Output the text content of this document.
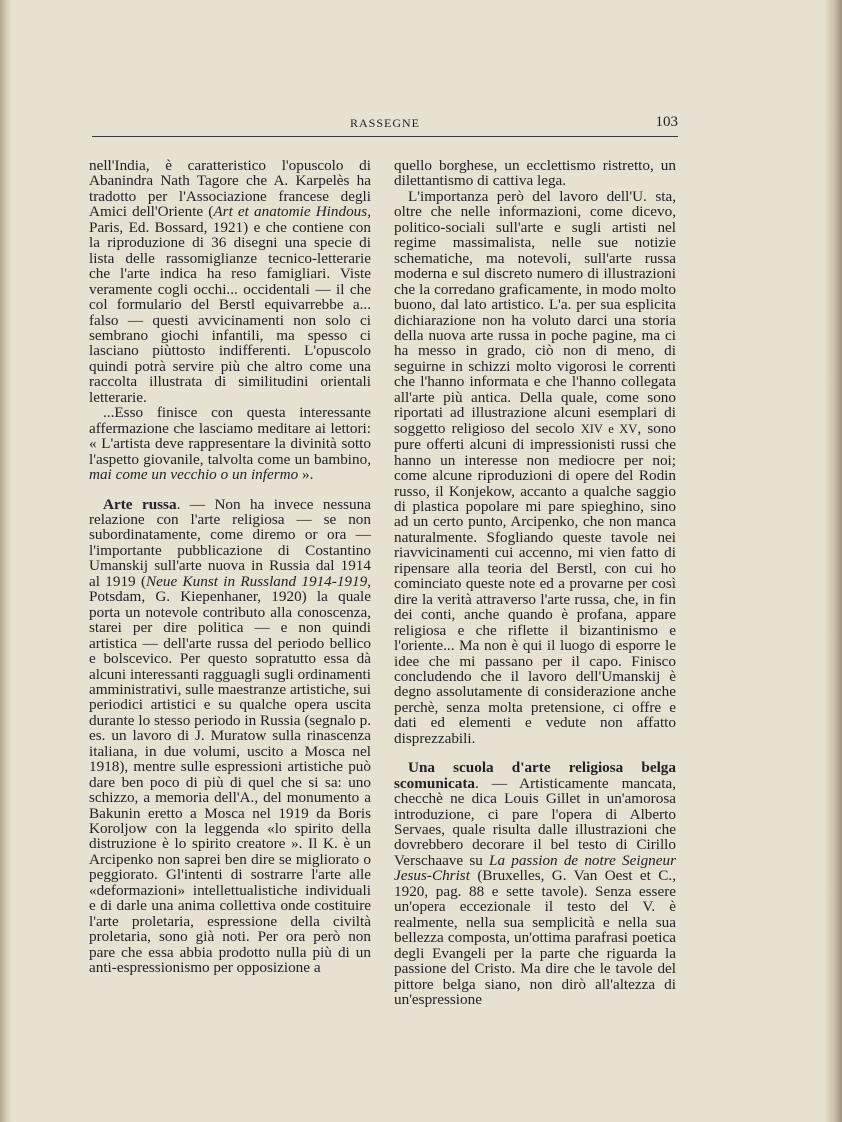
RASSEGNE	103

nell'India, è caratteristico l'opuscolo di Abanindra Nath Tagore che A. Karpelès ha tradotto per l'Associazione francese degli Amici dell'Oriente (Art et anatomie Hindous, Paris, Ed. Bossard, 1921) e che contiene con la riproduzione di 36 disegni una specie di lista delle rassomiglianze tecnico-letterarie che l'arte indica ha reso famigliari. Viste veramente cogli occhi... occidentali — il che col formulario del Berstl equivarrebbe a... falso — questi avvicinamenti non solo ci sembrano giochi infantili, ma spesso ci lasciano piùttosto indifferenti. L'opuscolo quindi potrà servire più che altro come una raccolta illustrata di similitudini orientali letterarie.

...Esso finisce con questa interessante affermazione che lasciamo meditare ai lettori: « L'artista deve rappresentare la divinità sotto l'aspetto giovanile, talvolta come un bambino, mai come un vecchio o un infermo ».

Arte russa. — Non ha invece nessuna relazione con l'arte religiosa — se non subordinatamente, come diremo or ora — l'importante pubblicazione di Costantino Umanskij sull'arte nuova in Russia dal 1914 al 1919 (Neue Kunst in Russland 1914-1919, Potsdam, G. Kiepenhaner, 1920) la quale porta un notevole contributo alla conoscenza, starei per dire politica — e non quindi artistica — dell'arte russa del periodo bellico e bolscevico. Per questo sopratutto essa dà alcuni interessanti ragguagli sugli ordinamenti amministrativi, sulle maestranze artistiche, sui periodici artistici e su qualche opera uscita durante lo stesso periodo in Russia (segnalo p. es. un lavoro di J. Muratow sulla rinascenza italiana, in due volumi, uscito a Mosca nel 1918), mentre sulle espressioni artistiche può dare ben poco di più di quel che si sa: uno schizzo, a memoria dell'A., del monumento a Bakunin eretto a Mosca nel 1919 da Boris Koroljow con la leggenda «lo spirito della distruzione è lo spirito creatore ». Il K. è un Arcipenko non saprei ben dire se migliorato o peggiorato. Gl'intenti di sostrarre l'arte alle «deformazioni» intellettualistiche individuali e di darle una anima collettiva onde costituire l'arte proletaria, espressione della civiltà proletaria, sono già noti. Per ora però non pare che essa abbia prodotto nulla più di un anti-espressionismo per opposizione a

quello borghese, un ecclettismo ristretto, un dilettantismo di cattiva lega.

L'importanza però del lavoro dell'U. sta, oltre che nelle informazioni, come dicevo, politico-sociali sull'arte e sugli artisti nel regime massimalista, nelle sue notizie schematiche, ma notevoli, sull'arte russa moderna e sul discreto numero di illustrazioni che la corredano graficamente, in modo molto buono, dal lato artistico. L'a. per sua esplicita dichiarazione non ha voluto darci una storia della nuova arte russa in poche pagine, ma ci ha messo in grado, ciò non di meno, di seguirne in schizzi molto vigorosi le correnti che l'hanno informata e che l'hanno collegata all'arte più antica. Della quale, come sono riportati ad illustrazione alcuni esemplari di soggetto religioso del secolo XIV e XV, sono pure offerti alcuni di impressionisti russi che hanno un interesse non mediocre per noi; come alcune riproduzioni di opere del Rodin russo, il Konjekow, accanto a qualche saggio di plastica popolare mi pare spieghino, sino ad un certo punto, Arcipenko, che non manca naturalmente. Sfogliando queste tavole nei riavvicinamenti cui accenno, mi vien fatto di ripensare alla teoria del Berstl, con cui ho cominciato queste note ed a provarne per così dire la verità attraverso l'arte russa, che, in fin dei conti, anche quando è profana, appare religiosa e che riflette il bizantinismo e l'oriente... Ma non è qui il luogo di esporre le idee che mi passano per il capo. Finisco concludendo che il lavoro dell'Umanskij è degno assolutamente di considerazione anche perchè, senza molta pretensione, ci offre e dati ed elementi e vedute non affatto disprezzabili.

Una scuola d'arte religiosa belga scomunicata. — Artisticamente mancata, checchè ne dica Louis Gillet in un'amorosa introduzione, ci pare l'opera di Alberto Servaes, quale risulta dalle illustrazioni che dovrebbero decorare il bel testo di Cirillo Verschaave su La passion de notre Seigneur Jesus-Christ (Bruxelles, G. Van Oest et C., 1920, pag. 88 e sette tavole). Senza essere un'opera eccezionale il testo del V. è realmente, nella sua semplicità e nella sua bellezza composta, un'ottima parafrasi poetica degli Evangeli per la parte che riguarda la passione del Cristo. Ma dire che le tavole del pittore belga siano, non dirò all'altezza di un'espressione
